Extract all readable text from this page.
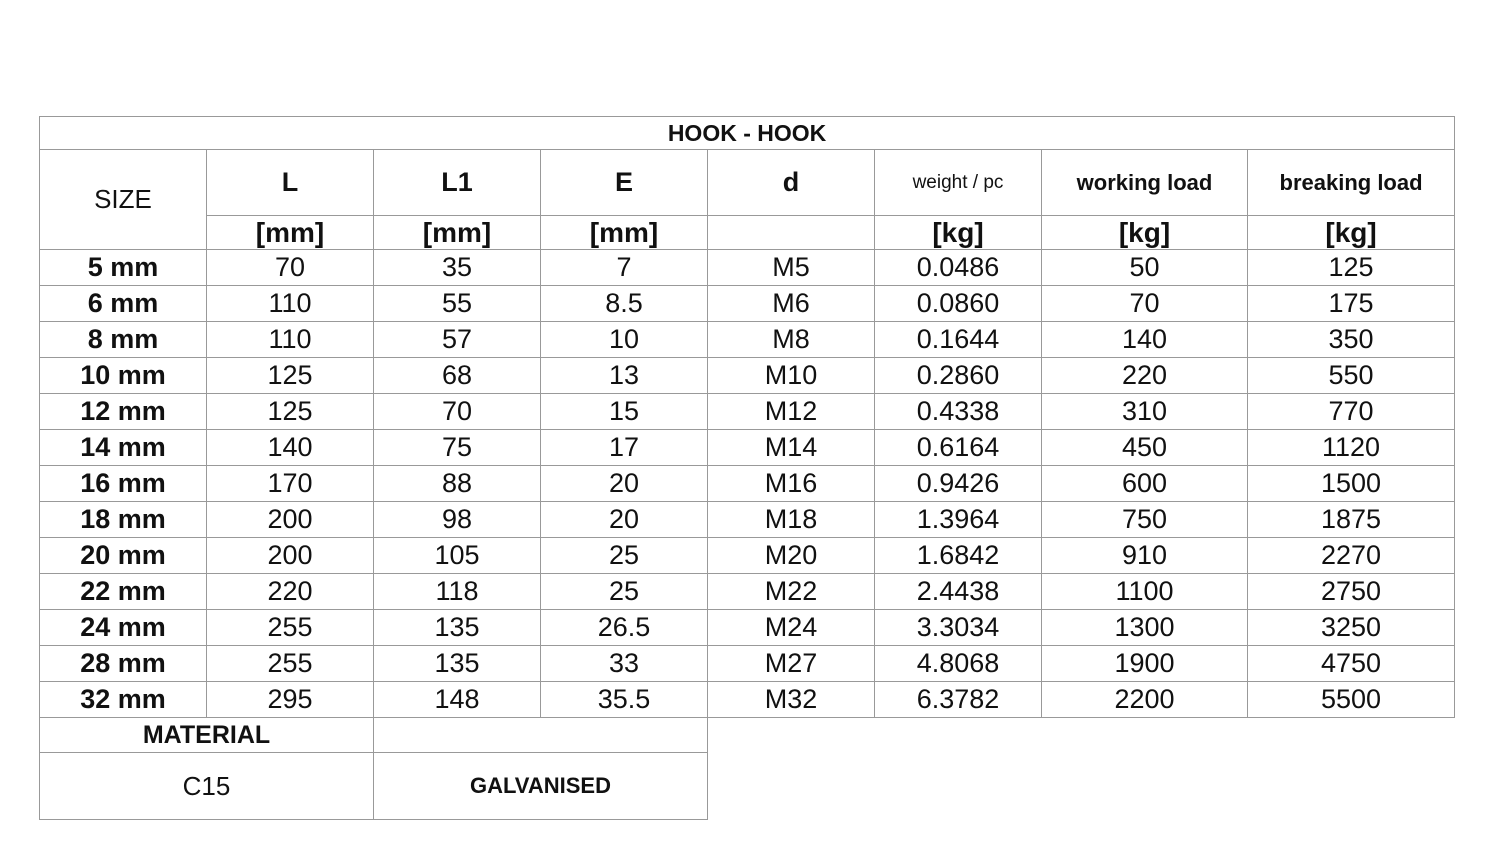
HOOK - HOOK							
SIZE	L	L1	E	d	weight / pc	working load	breaking load
	[mm]	[mm]	[mm]		[kg]	[kg]	[kg]
5 mm	70	35	7	M5	0.0486	50	125
6 mm	110	55	8.5	M6	0.0860	70	175
8 mm	110	57	10	M8	0.1644	140	350
10 mm	125	68	13	M10	0.2860	220	550
12 mm	125	70	15	M12	0.4338	310	770
14 mm	140	75	17	M14	0.6164	450	1120
16 mm	170	88	20	M16	0.9426	600	1500
18 mm	200	98	20	M18	1.3964	750	1875
20 mm	200	105	25	M20	1.6842	910	2270
22 mm	220	118	25	M22	2.4438	1100	2750
24 mm	255	135	26.5	M24	3.3034	1300	3250
28 mm	255	135	33	M27	4.8068	1900	4750
32 mm	295	148	35.5	M32	6.3782	2200	5500
MATERIAL							
C15		GALVANISED					
